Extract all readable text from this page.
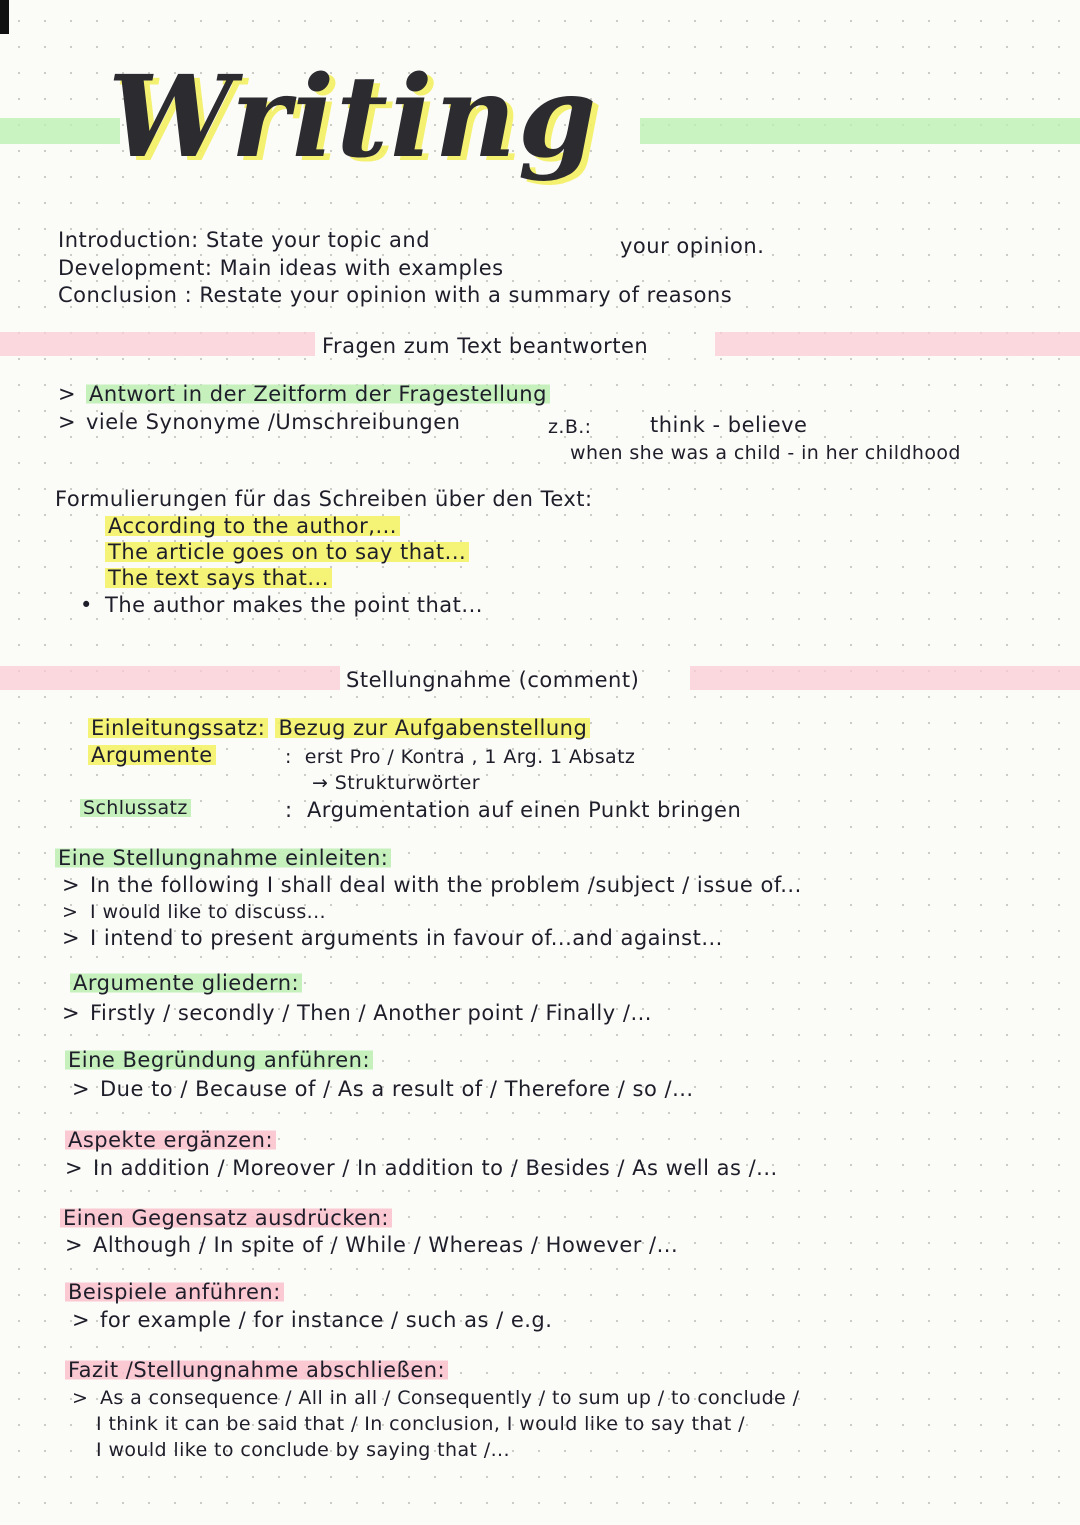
Writing
Introduction: State your topic and	your opinion.
Development: Main ideas with examples
Conclusion : Restate your opinion with a summary of reasons
Fragen zum Text beantworten
> Antwort in der Zeitform der Fragestellung
> viele Synonyme /Umschreibungen	z.B.:	think - believe
when she was a child - in her childhood
Formulierungen für das Schreiben über den Text:
According to the author,...
The article goes on to say that...
The text says that...
• The author makes the point that...
Stellungnahme (comment)
Einleitungssatz: Bezug zur Aufgabenstellung
Argumente	:  erst Pro / Kontra , 1 Arg. 1 Absatz
→ Strukturwörter
Schlussatz	:  Argumentation auf einen Punkt bringen
Eine Stellungnahme einleiten:
> In the following I shall deal with the problem /subject / issue of...
> I would like to discuss...
> I intend to present arguments in favour of...and against...
Argumente gliedern:
> Firstly / secondly / Then / Another point / Finally /...
Eine Begründung anführen:
> Due to / Because of / As a result of / Therefore / so /...
Aspekte ergänzen:
> In addition / Moreover / In addition to / Besides / As well as /...
Einen Gegensatz ausdrücken:
> Although / In spite of / While / Whereas / However /...
Beispiele anführen:
> for example / for instance / such as / e.g.
Fazit /Stellungnahme abschließen:
> As a consequence / All in all / Consequently / to sum up / to conclude /
I think it can be said that / In conclusion, I would like to say that /
I would like to conclude by saying that /...
